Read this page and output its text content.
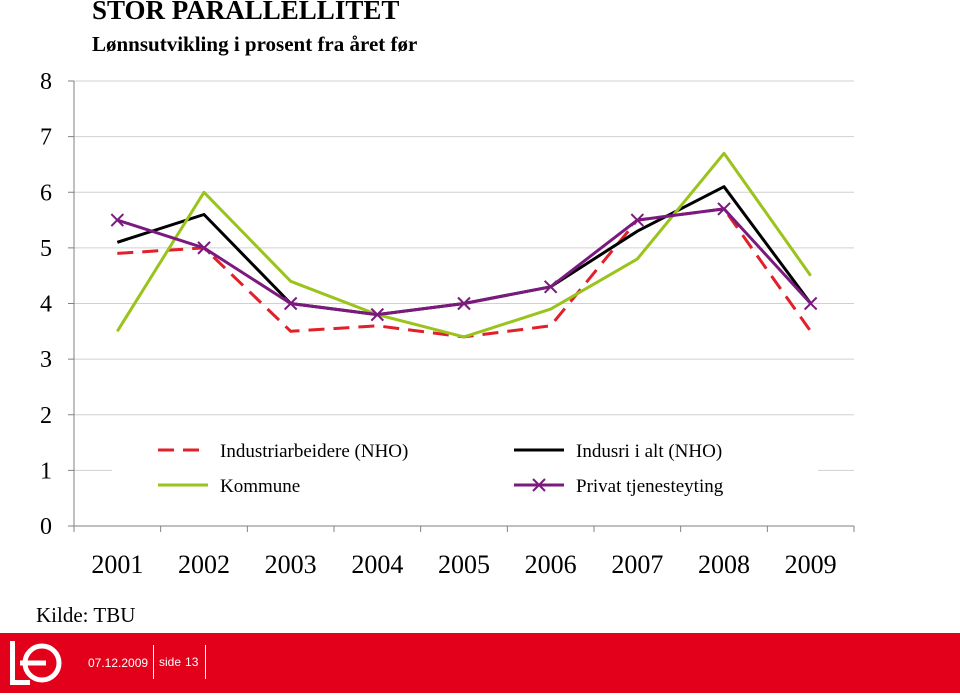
STOR PARALLELLITET
Lønnsutvikling i prosent fra året før
0
1
2
3
4
5
6
7
8
2001 2002 2003 2004 2005 2006 2007 2008 2009
Industriarbeidere (NHO)	Indusri i alt (NHO)
Kommune	Privat tjenesteyting
Kilde: TBU
07.12.2009 side 13
